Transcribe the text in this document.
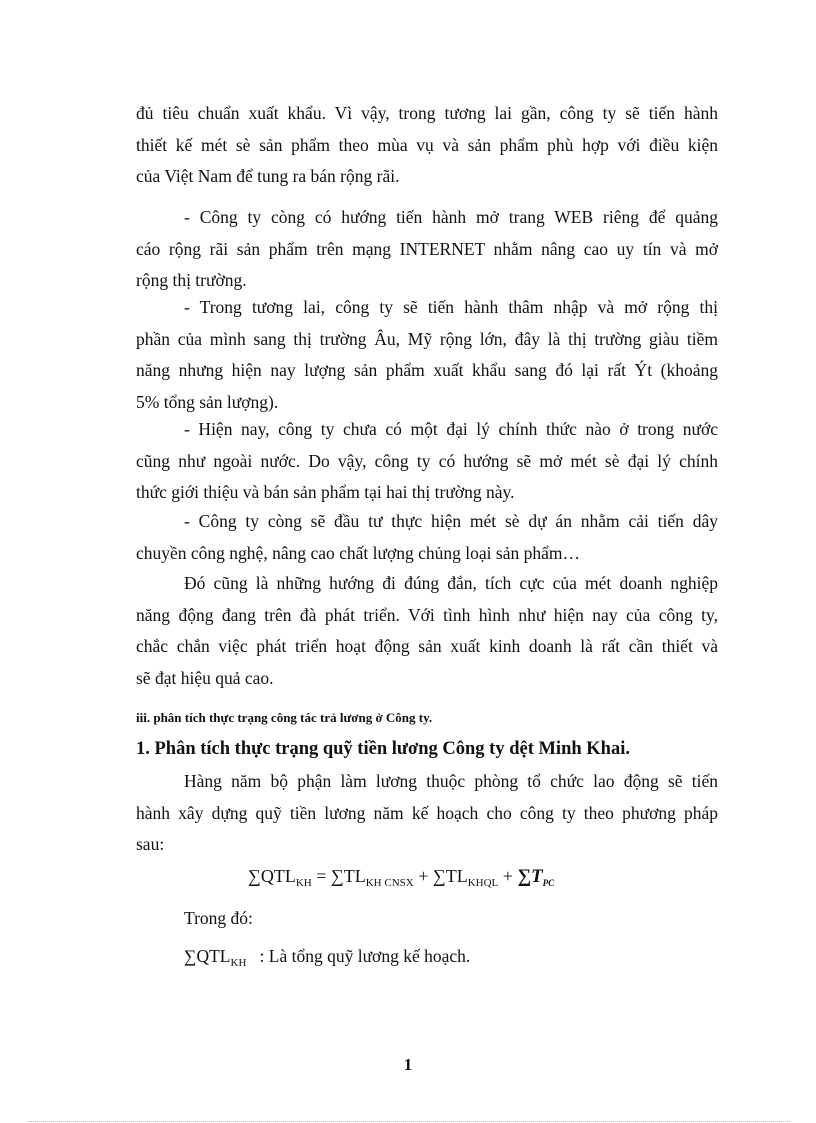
đủ tiêu chuẩn xuất khẩu. Vì vậy, trong tương lai gần, công ty sẽ tiến hành
thiết kế mét sè sản phẩm theo mùa vụ và sản phẩm phù hợp với điều kiện
của Việt Nam để tung ra bán rộng rãi.
- Công ty còng có hướng tiến hành mở trang WEB riêng để quảng
cáo rộng rãi sản phẩm trên mạng INTERNET nhằm nâng cao uy tín và mở
rộng thị trường.
- Trong tương lai, công ty sẽ tiến hành thâm nhập và mở rộng thị
phần của mình sang thị trường Âu, Mỹ rộng lớn, đây là thị trường giàu tiềm
năng nhưng hiện nay lượng sản phẩm xuất khẩu sang đó lại rất Ýt (khoảng
5% tổng sản lượng).
- Hiện nay, công ty chưa có một đại lý chính thức nào ở trong nước
cũng như ngoài nước. Do vậy, công ty có hướng sẽ mở mét sè đại lý chính
thức giới thiệu và bán sản phẩm tại hai thị trường này.
- Công ty còng sẽ đầu tư thực hiện mét sè dự án nhằm cải tiến dây
chuyền công nghệ, nâng cao chất lượng chủng loại sản phẩm…
Đó cũng là những hướng đi đúng đắn, tích cực của mét doanh nghiệp
năng động đang trên đà phát triển. Với tình hình như hiện nay của công ty,
chắc chắn việc phát triển hoạt động sản xuất kinh doanh là rất cần thiết và
sẽ đạt hiệu quả cao.
iii. phân tích thực trạng công tác trả lương ở Công ty.
1. Phân tích thực trạng quỹ tiền lương Công ty dệt Minh Khai.
Hàng năm bộ phận làm lương thuộc phòng tổ chức lao động sẽ tiến
hành xây dựng quỹ tiền lương năm kế hoạch cho công ty theo phương pháp
sau:
$\sum QTL_{KH} = \sum TL_{KH CNSX} + \sum TL_{KHQL} + \sum T_{PC}$
Trong đó:
$\sum QTL_{KH}$ : Là tổng quỹ lương kế hoạch.
1
